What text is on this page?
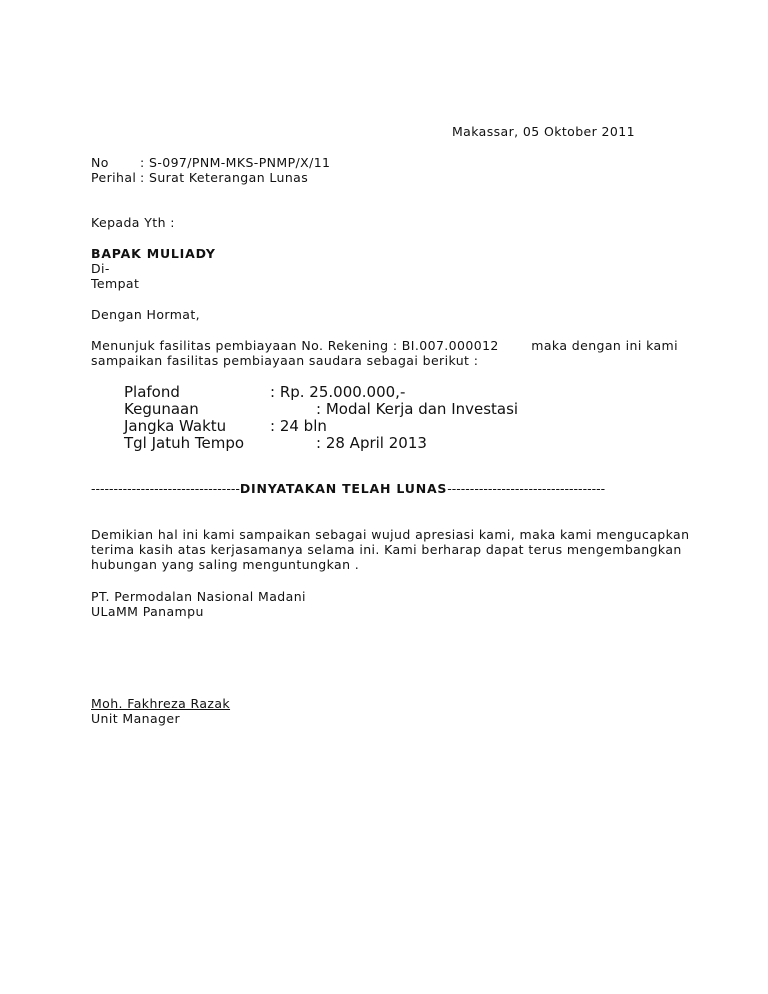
Makassar, 05 Oktober 2011
No : S-097/PNM-MKS-PNMP/X/11
Perihal : Surat Keterangan Lunas
Kepada Yth :
BAPAK MULIADY
Di-
Tempat
Dengan Hormat,
Menunjuk fasilitas pembiayaan No. Rekening : BI.007.000012	maka dengan ini kami
sampaikan fasilitas pembiayaan saudara sebagai berikut :
Plafond	: Rp. 25.000.000,-
Kegunaan	: Modal Kerja dan Investasi
Jangka Waktu	: 24 bln
Tgl Jatuh Tempo	: 28 April 2013
---------------------------------DINYATAKAN TELAH LUNAS-----------------------------------
Demikian hal ini kami sampaikan sebagai wujud apresiasi kami, maka kami mengucapkan
terima kasih atas kerjasamanya selama ini. Kami berharap dapat terus mengembangkan
hubungan yang saling menguntungkan .
PT. Permodalan Nasional Madani
ULaMM Panampu
Moh. Fakhreza Razak
Unit Manager
